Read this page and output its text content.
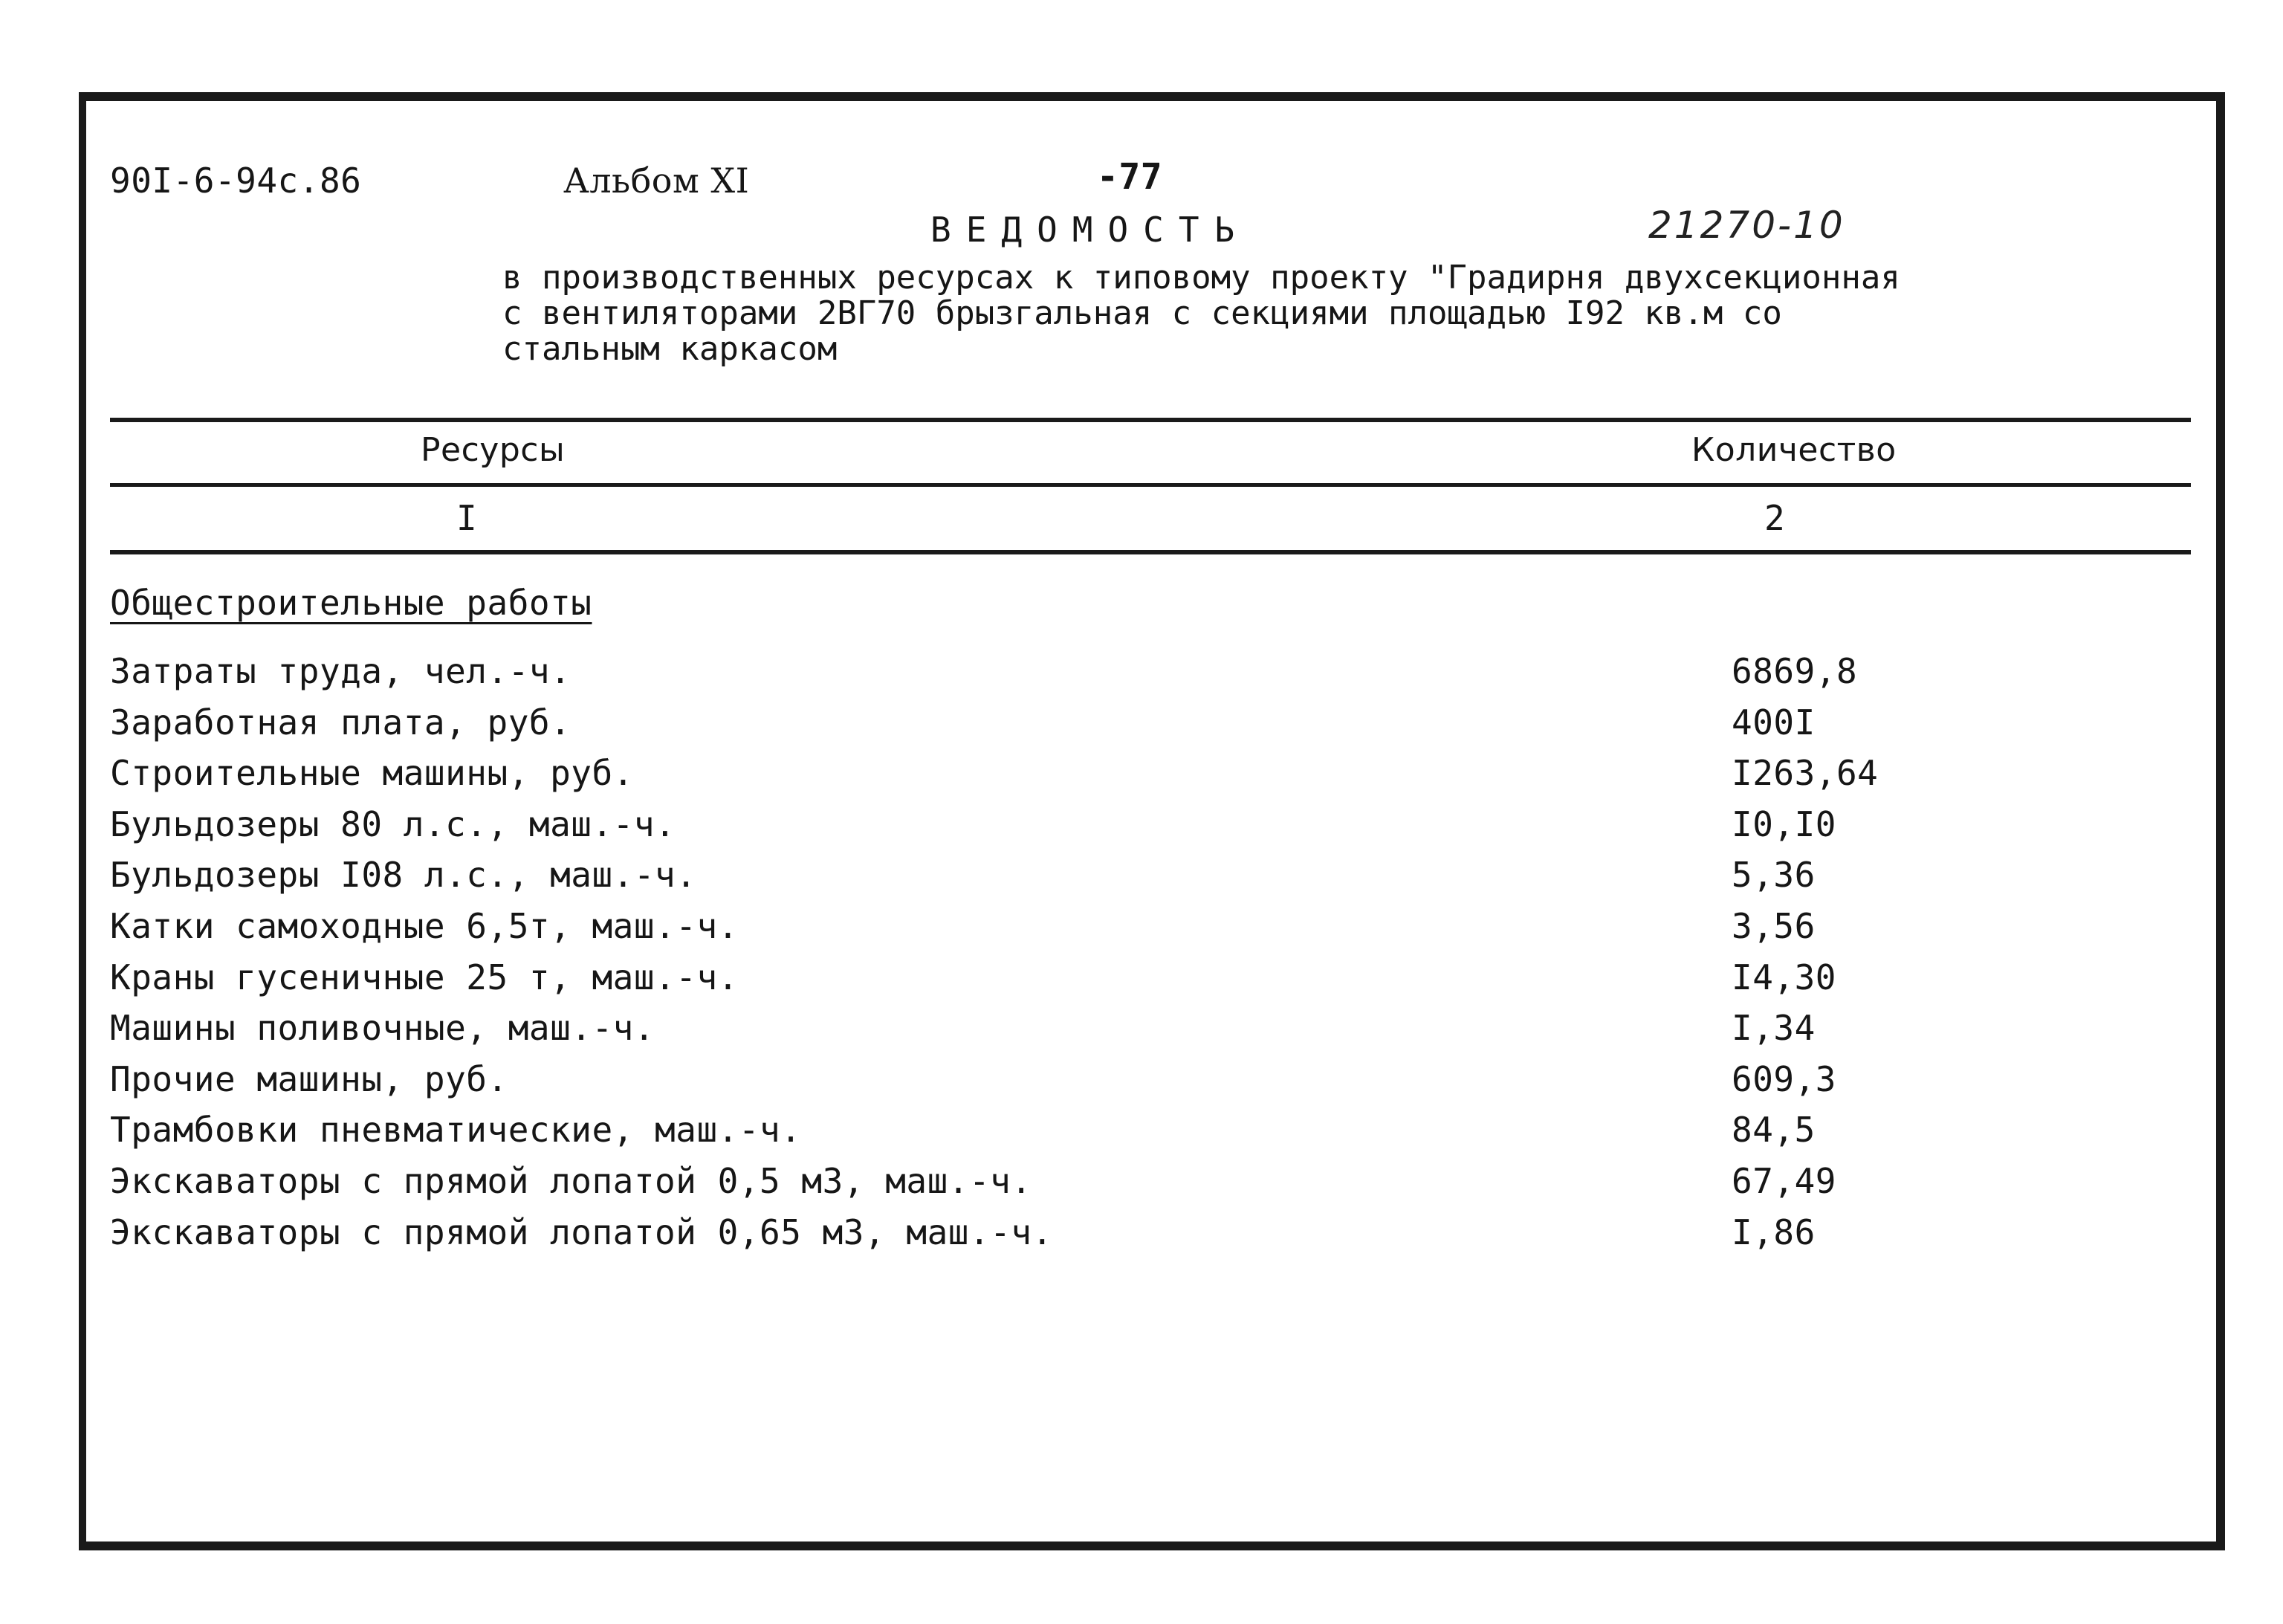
90I-6-94c.86	Альбом XI	-77
ВЕДОМОСТЬ	21270-10
в производственных ресурсах к типовому проекту "Градирня двухсекционная
с вентиляторами 2ВГ70 брызгальная с секциями площадью I92 кв.м со
стальным каркасом
Ресурсы	Количество
I	2
Общестроительные работы
Затраты труда, чел.-ч.	6869,8
Заработная плата, руб.	400I
Строительные машины, руб.	I263,64
Бульдозеры 80 л.с., маш.-ч.	I0,I0
Бульдозеры I08 л.с., маш.-ч.	5,36
Катки самоходные 6,5т, маш.-ч.	3,56
Краны гусеничные 25 т, маш.-ч.	I4,30
Машины поливочные, маш.-ч.	I,34
Прочие машины, руб.	609,3
Трамбовки пневматические, маш.-ч.	84,5
Экскаваторы с прямой лопатой 0,5 м3, маш.-ч.	67,49
Экскаваторы с прямой лопатой 0,65 м3, маш.-ч.	I,86
